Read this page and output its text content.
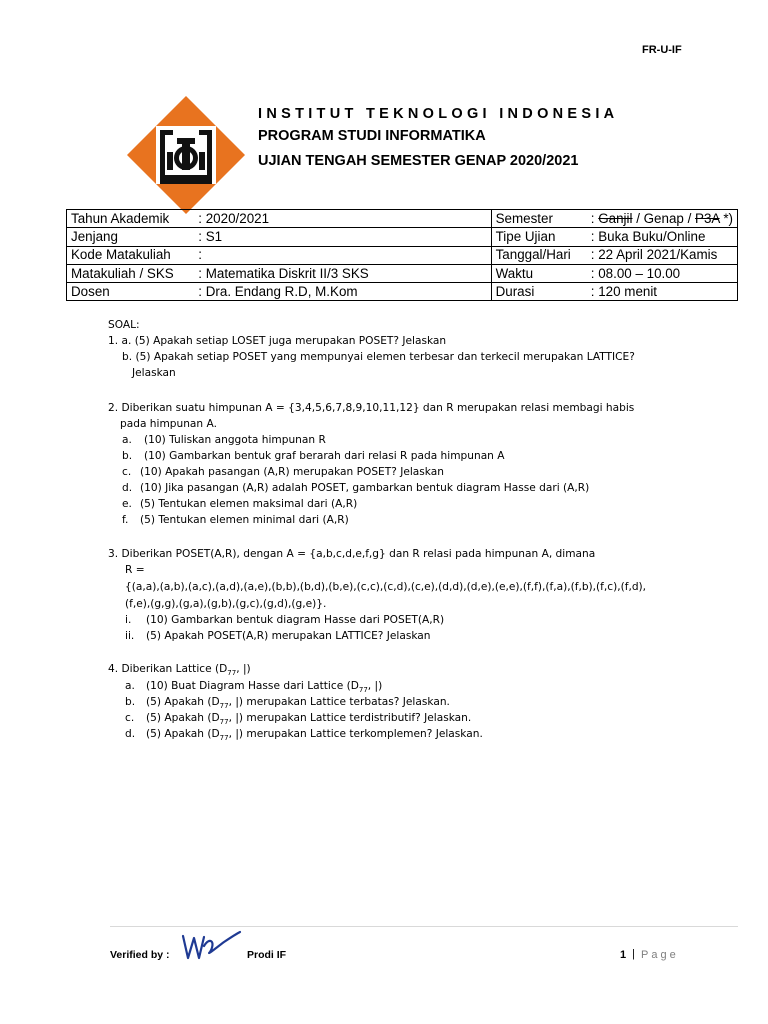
FR-U-IF
INSTITUT TEKNOLOGI INDONESIA
PROGRAM STUDI INFORMATIKA
UJIAN TENGAH SEMESTER GENAP 2020/2021
Tahun Akademik	: 2020/2021	Semester	: Ganjil / Genap / P3A *)
Jenjang	: S1	Tipe Ujian	: Buka Buku/Online
Kode Matakuliah	:	Tanggal/Hari	: 22 April 2021/Kamis
Matakuliah / SKS	: Matematika Diskrit II/3 SKS	Waktu	: 08.00 – 10.00
Dosen	: Dra. Endang R.D, M.Kom	Durasi	: 120 menit
SOAL:
1. a. (5) Apakah setiap LOSET juga merupakan POSET? Jelaskan
b. (5) Apakah setiap POSET yang mempunyai elemen terbesar dan terkecil merupakan LATTICE?
Jelaskan
2. Diberikan suatu himpunan A = {3,4,5,6,7,8,9,10,11,12} dan R merupakan relasi membagi habis
pada himpunan A.
a. (10) Tuliskan anggota himpunan R
b. (10) Gambarkan bentuk graf berarah dari relasi R pada himpunan A
c. (10) Apakah pasangan (A,R) merupakan POSET? Jelaskan
d. (10) Jika pasangan (A,R) adalah POSET, gambarkan bentuk diagram Hasse dari (A,R)
e. (5) Tentukan elemen maksimal dari (A,R)
f. (5) Tentukan elemen minimal dari (A,R)
3. Diberikan POSET(A,R), dengan A = {a,b,c,d,e,f,g} dan R relasi pada himpunan A, dimana
R =
{(a,a),(a,b),(a,c),(a,d),(a,e),(b,b),(b,d),(b,e),(c,c),(c,d),(c,e),(d,d),(d,e),(e,e),(f,f),(f,a),(f,b),(f,c),(f,d),
(f,e),(g,g),(g,a),(g,b),(g,c),(g,d),(g,e)}.
i. (10) Gambarkan bentuk diagram Hasse dari POSET(A,R)
ii. (5) Apakah POSET(A,R) merupakan LATTICE? Jelaskan
4. Diberikan Lattice ($D_{77}$, |)
a. (10) Buat Diagram Hasse dari Lattice ($D_{77}$, |)
b. (5) Apakah ($D_{77}$, |) merupakan Lattice terbatas? Jelaskan.
c. (5) Apakah ($D_{77}$, |) merupakan Lattice terdistributif? Jelaskan.
d. (5) Apakah ($D_{77}$, |) merupakan Lattice terkomplemen? Jelaskan.
Verified by :	Prodi IF	1 | Page
